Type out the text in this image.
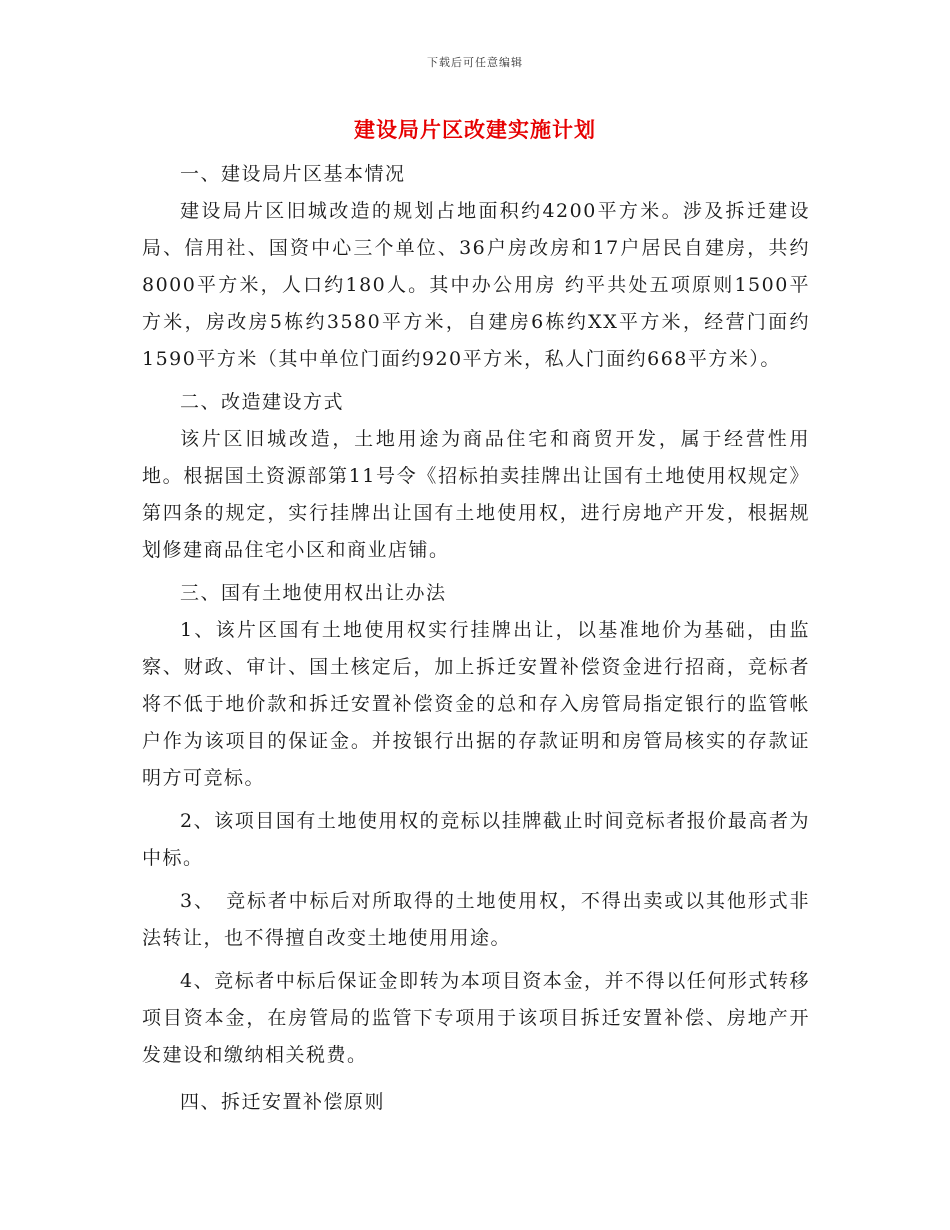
下载后可任意编辑
建设局片区改建实施计划

一、建设局片区基本情况

建设局片区旧城改造的规划占地面积约4200平方米。涉及拆迁建设局、信用社、国资中心三个单位、36户房改房和17户居民自建房，共约8000平方米，人口约180人。其中办公用房 约平共处五项原则1500平方米，房改房5栋约3580平方米，自建房6栋约XX平方米，经营门面约1590平方米（其中单位门面约920平方米，私人门面约668平方米）。

二、改造建设方式

该片区旧城改造，土地用途为商品住宅和商贸开发，属于经营性用地。根据国土资源部第11号令《招标拍卖挂牌出让国有土地使用权规定》第四条的规定，实行挂牌出让国有土地使用权，进行房地产开发，根据规划修建商品住宅小区和商业店铺。

三、国有土地使用权出让办法

1、该片区国有土地使用权实行挂牌出让，以基准地价为基础，由监察、财政、审计、国土核定后，加上拆迁安置补偿资金进行招商，竞标者将不低于地价款和拆迁安置补偿资金的总和存入房管局指定银行的监管帐户作为该项目的保证金。并按银行出据的存款证明和房管局核实的存款证明方可竞标。

2、该项目国有土地使用权的竞标以挂牌截止时间竞标者报价最高者为中标。

3、　竞标者中标后对所取得的土地使用权，不得出卖或以其他形式非法转让，也不得擅自改变土地使用用途。

4、竞标者中标后保证金即转为本项目资本金，并不得以任何形式转移项目资本金，在房管局的监管下专项用于该项目拆迁安置补偿、房地产开发建设和缴纳相关税费。

四、拆迁安置补偿原则
